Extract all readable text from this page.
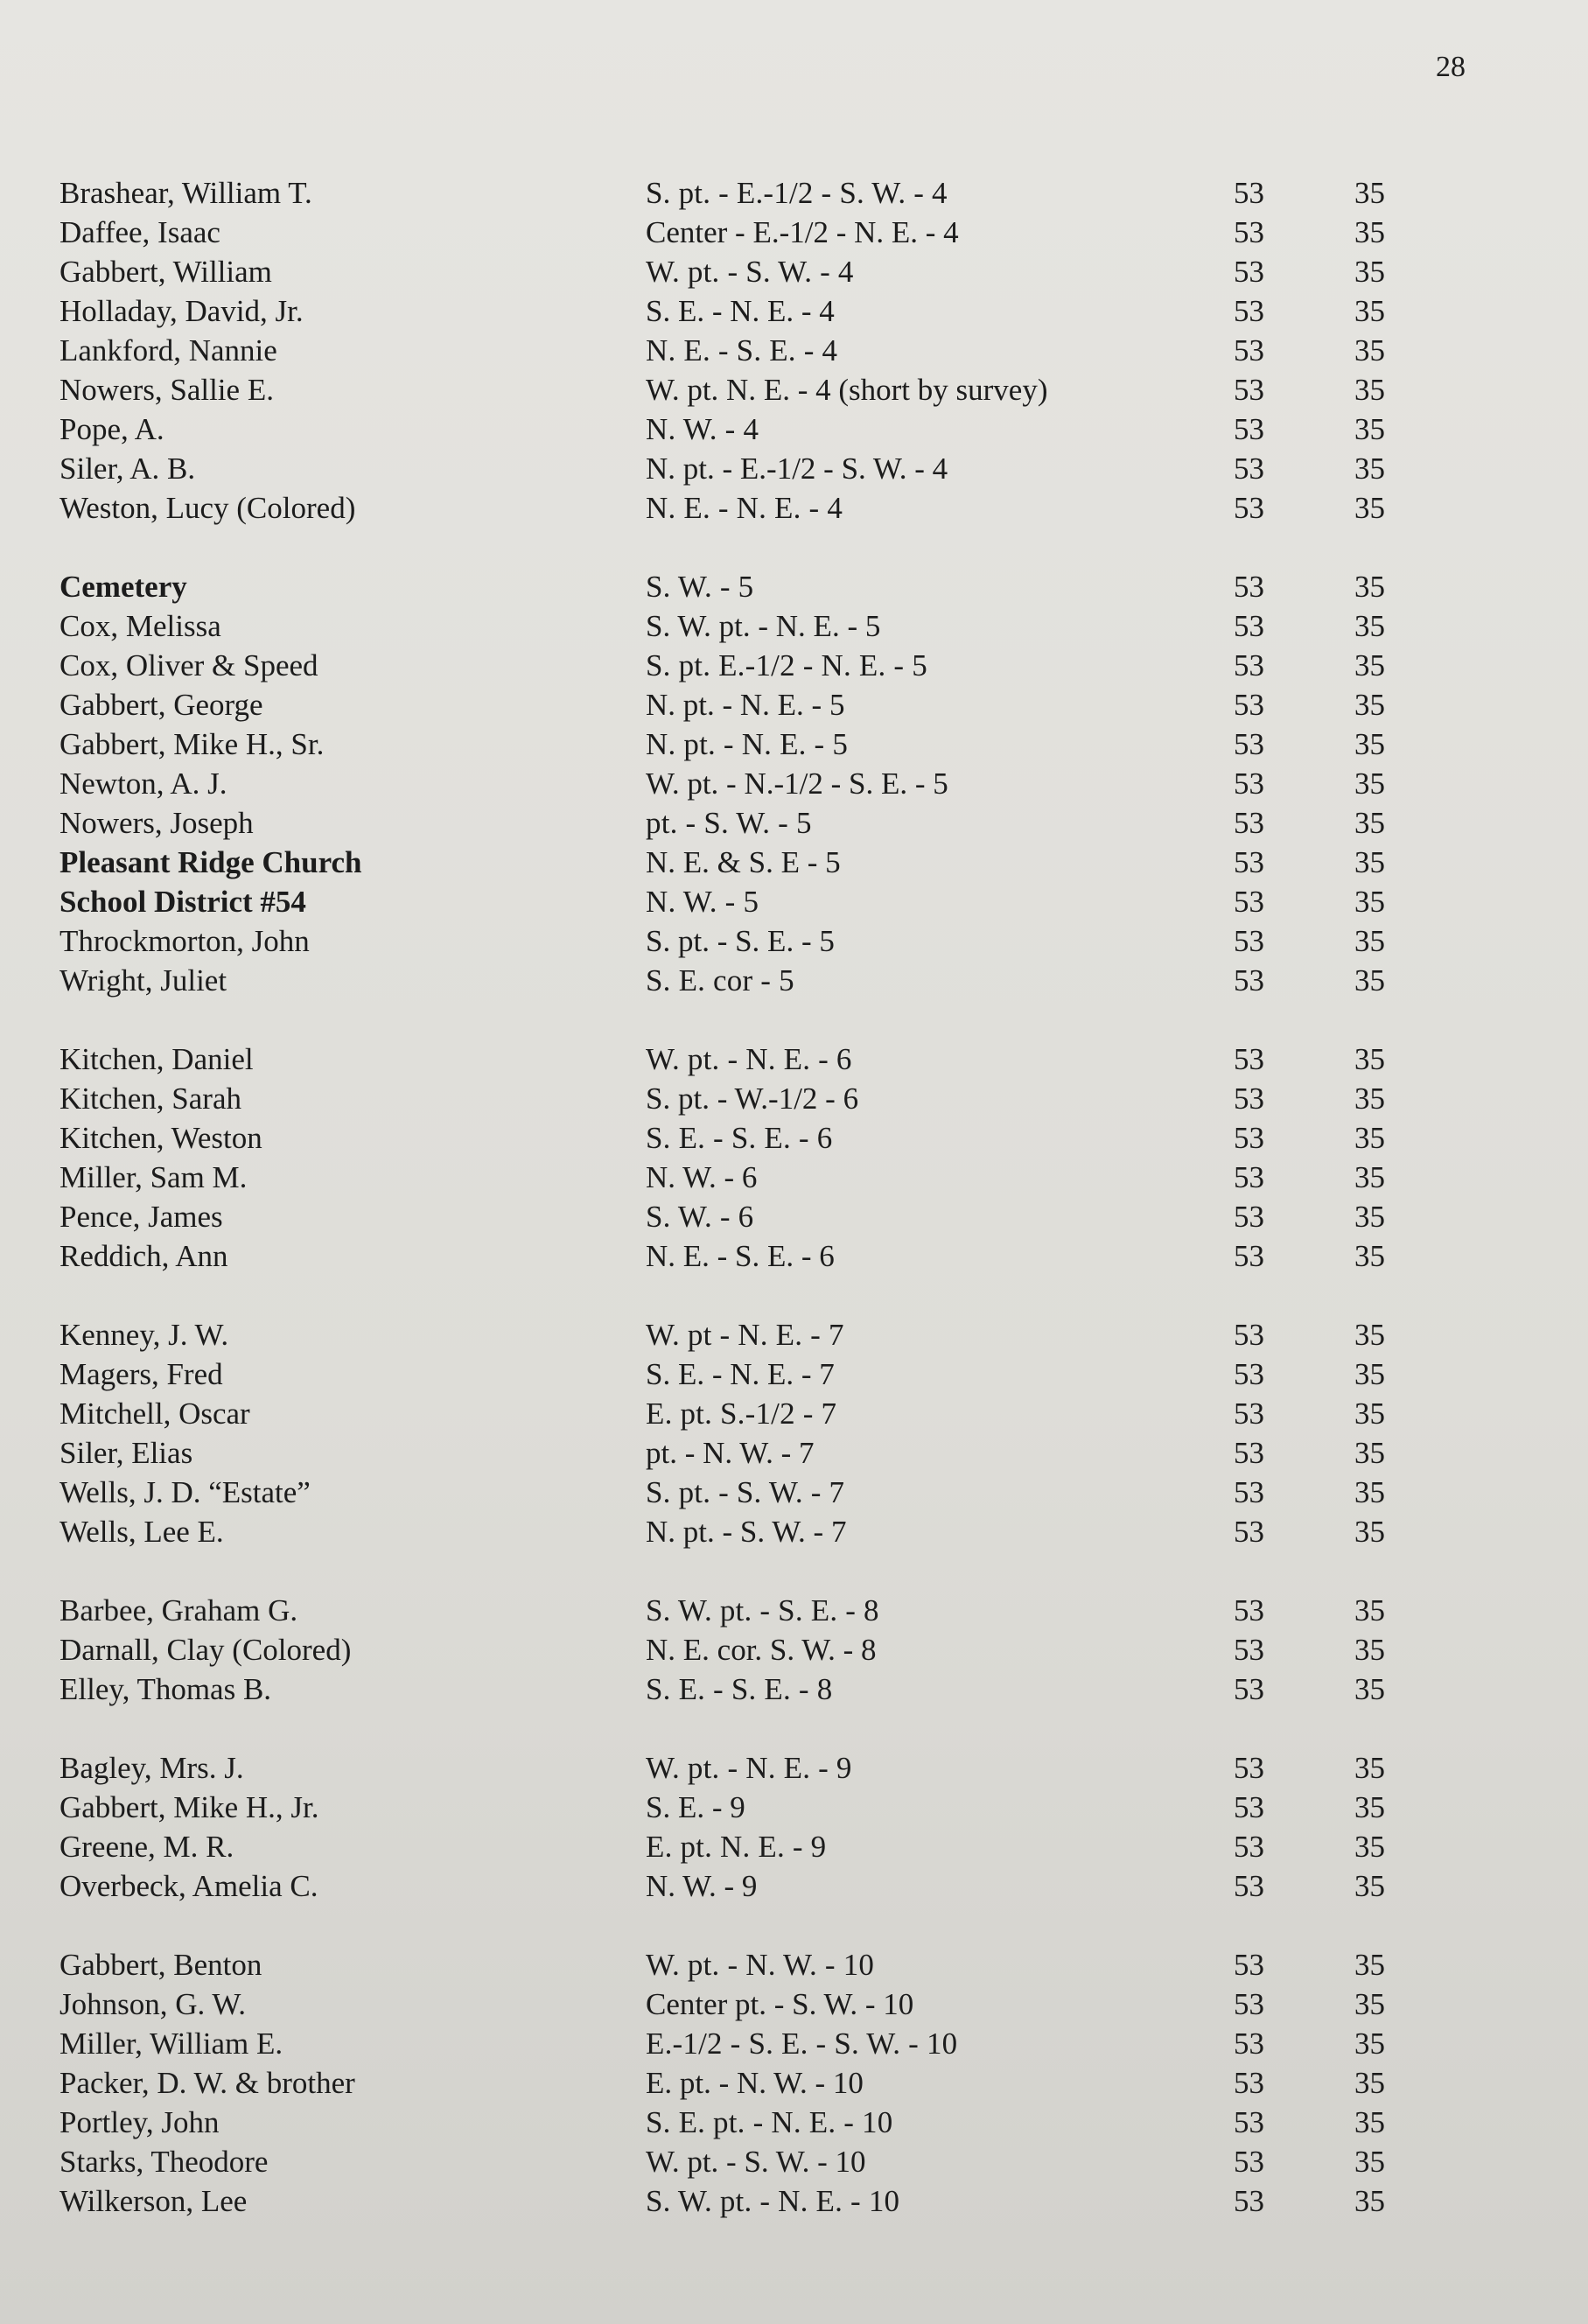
28
Brashear, William T.	S. pt. - E.-1/2 - S. W. - 4	53	35
Daffee, Isaac	Center - E.-1/2 - N. E. - 4	53	35
Gabbert, William	W. pt. - S. W. - 4	53	35
Holladay, David, Jr.	S. E. - N. E. - 4	53	35
Lankford, Nannie	N. E. - S. E. - 4	53	35
Nowers, Sallie E.	W. pt. N. E. - 4 (short by survey)	53	35
Pope, A.	N. W. - 4	53	35
Siler, A. B.	N. pt. - E.-1/2 - S. W. - 4	53	35
Weston, Lucy (Colored)	N. E. - N. E. - 4	53	35
Cemetery	S. W. - 5	53	35
Cox, Melissa	S. W. pt. - N. E. - 5	53	35
Cox, Oliver & Speed	S. pt. E.-1/2 - N. E. - 5	53	35
Gabbert, George	N. pt. - N. E. - 5	53	35
Gabbert, Mike H., Sr.	N. pt. - N. E. - 5	53	35
Newton, A. J.	W. pt. - N.-1/2 - S. E. - 5	53	35
Nowers, Joseph	pt. - S. W. - 5	53	35
Pleasant Ridge Church	N. E. & S. E - 5	53	35
School District #54	N. W. - 5	53	35
Throckmorton, John	S. pt. - S. E. - 5	53	35
Wright, Juliet	S. E. cor - 5	53	35
Kitchen, Daniel	W. pt. - N. E. - 6	53	35
Kitchen, Sarah	S. pt. - W.-1/2 - 6	53	35
Kitchen, Weston	S. E. - S. E. - 6	53	35
Miller, Sam M.	N. W. - 6	53	35
Pence, James	S. W. - 6	53	35
Reddich, Ann	N. E. - S. E. - 6	53	35
Kenney, J. W.	W. pt - N. E. - 7	53	35
Magers, Fred	S. E. - N. E. - 7	53	35
Mitchell, Oscar	E. pt. S.-1/2 - 7	53	35
Siler, Elias	pt. - N. W. - 7	53	35
Wells, J. D. “Estate”	S. pt. - S. W. - 7	53	35
Wells, Lee E.	N. pt. - S. W. - 7	53	35
Barbee, Graham G.	S. W. pt. - S. E. - 8	53	35
Darnall, Clay (Colored)	N. E. cor. S. W. - 8	53	35
Elley, Thomas B.	S. E. - S. E. - 8	53	35
Bagley, Mrs. J.	W. pt. - N. E. - 9	53	35
Gabbert, Mike H., Jr.	S. E. - 9	53	35
Greene, M. R.	E. pt. N. E. - 9	53	35
Overbeck, Amelia C.	N. W. - 9	53	35
Gabbert, Benton	W. pt. - N. W. - 10	53	35
Johnson, G. W.	Center pt. - S. W. - 10	53	35
Miller, William E.	E.-1/2 - S. E. - S. W. - 10	53	35
Packer, D. W. & brother	E. pt. - N. W. - 10	53	35
Portley, John	S. E. pt. - N. E. - 10	53	35
Starks, Theodore	W. pt. - S. W. - 10	53	35
Wilkerson, Lee	S. W. pt. - N. E. - 10	53	35
